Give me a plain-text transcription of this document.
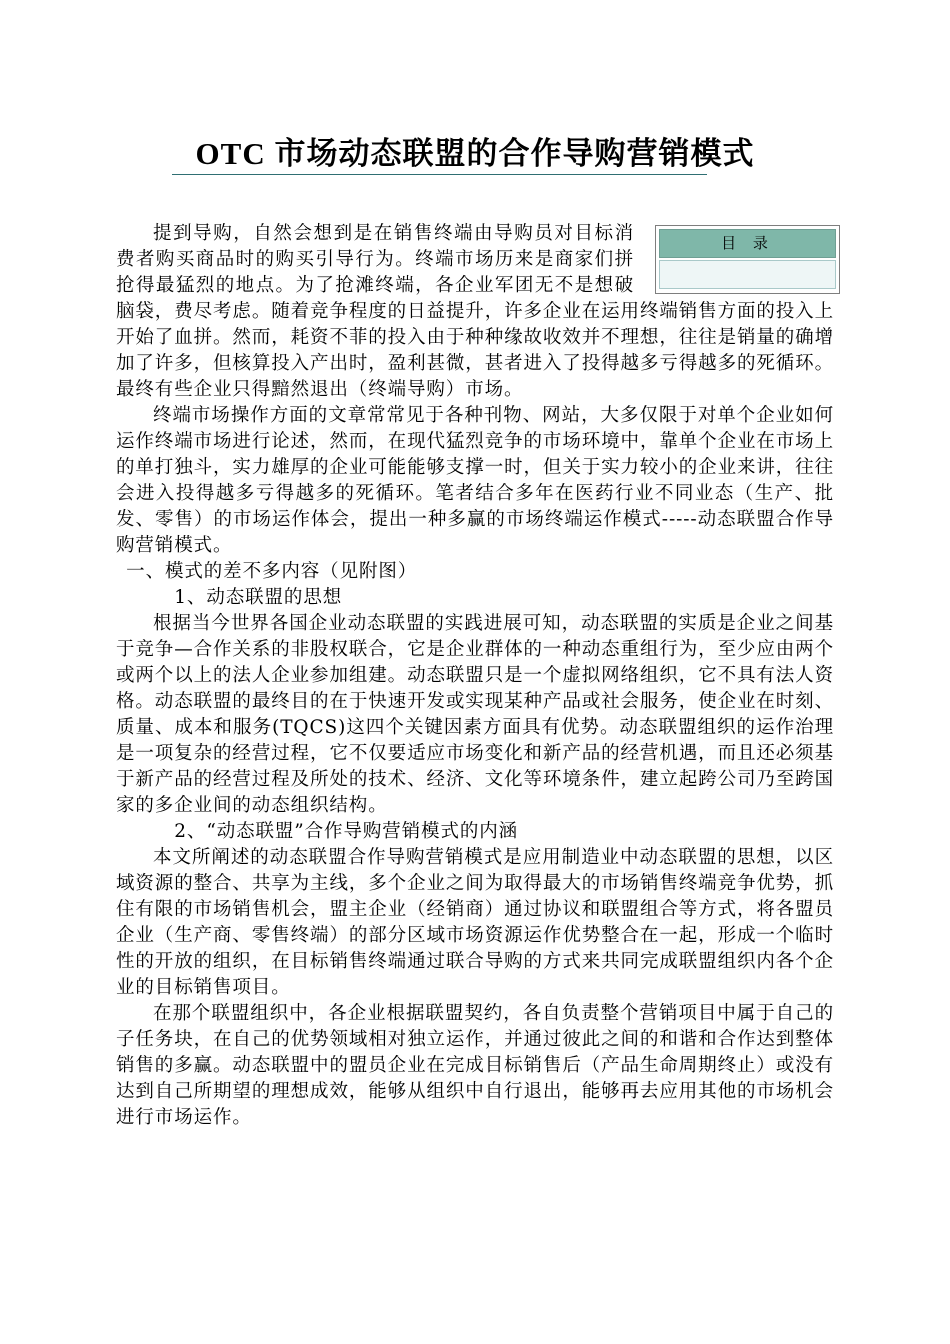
OTC 市场动态联盟的合作导购营销模式
目 录

提到导购，自然会想到是在销售终端由导购员对目标消费者购买商品时的购买引导行为。终端市场历来是商家们拼抢得最猛烈的地点。为了抢滩终端，各企业军团无不是想破脑袋，费尽考虑。随着竞争程度的日益提升，许多企业在运用终端销售方面的投入上开始了血拼。然而，耗资不菲的投入由于种种缘故收效并不理想，往往是销量的确增加了许多，但核算投入产出时，盈利甚微，甚者进入了投得越多亏得越多的死循环。最终有些企业只得黯然退出（终端导购）市场。

终端市场操作方面的文章常常见于各种刊物、网站，大多仅限于对单个企业如何运作终端市场进行论述，然而，在现代猛烈竞争的市场环境中，靠单个企业在市场上的单打独斗，实力雄厚的企业可能能够支撑一时，但关于实力较小的企业来讲，往往会进入投得越多亏得越多的死循环。笔者结合多年在医药行业不同业态（生产、批发、零售）的市场运作体会，提出一种多赢的市场终端运作模式-----动态联盟合作导购营销模式。

一、模式的差不多内容（见附图）

1、动态联盟的思想

根据当今世界各国企业动态联盟的实践进展可知，动态联盟的实质是企业之间基于竞争—合作关系的非股权联合，它是企业群体的一种动态重组行为，至少应由两个或两个以上的法人企业参加组建。动态联盟只是一个虚拟网络组织，它不具有法人资格。动态联盟的最终目的在于快速开发或实现某种产品或社会服务，使企业在时刻、质量、成本和服务(TQCS)这四个关键因素方面具有优势。动态联盟组织的运作治理是一项复杂的经营过程，它不仅要适应市场变化和新产品的经营机遇，而且还必须基于新产品的经营过程及所处的技术、经济、文化等环境条件，建立起跨公司乃至跨国家的多企业间的动态组织结构。

2、“动态联盟”合作导购营销模式的内涵

本文所阐述的动态联盟合作导购营销模式是应用制造业中动态联盟的思想，以区域资源的整合、共享为主线，多个企业之间为取得最大的市场销售终端竞争优势，抓住有限的市场销售机会，盟主企业（经销商）通过协议和联盟组合等方式，将各盟员企业（生产商、零售终端）的部分区域市场资源运作优势整合在一起，形成一个临时性的开放的组织，在目标销售终端通过联合导购的方式来共同完成联盟组织内各个企业的目标销售项目。

在那个联盟组织中，各企业根据联盟契约，各自负责整个营销项目中属于自己的子任务块，在自己的优势领域相对独立运作，并通过彼此之间的和谐和合作达到整体销售的多赢。动态联盟中的盟员企业在完成目标销售后（产品生命周期终止）或没有达到自己所期望的理想成效，能够从组织中自行退出，能够再去应用其他的市场机会进行市场运作。
